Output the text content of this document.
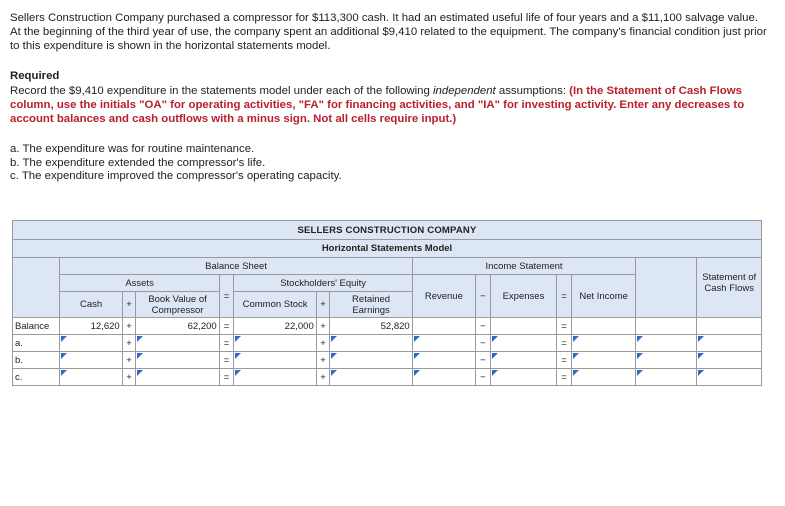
Sellers Construction Company purchased a compressor for $113,300 cash. It had an estimated useful life of four years and a $11,100 salvage value. At the beginning of the third year of use, the company spent an additional $9,410 related to the equipment. The company's financial condition just prior to this expenditure is shown in the horizontal statements model.
Required
Record the $9,410 expenditure in the statements model under each of the following independent assumptions: (In the Statement of Cash Flows column, use the initials "OA" for operating activities, "FA" for financing activities, and "IA" for investing activity. Enter any decreases to account balances and cash outflows with a minus sign. Not all cells require input.)
a. The expenditure was for routine maintenance.
b. The expenditure extended the compressor's life.
c. The expenditure improved the compressor's operating capacity.
SELLERS CONSTRUCTION COMPANY														
Horizontal Statements Model														
	Balance Sheet							Income Statement						Statement of Cash Flows
	Assets			=	Stockholders' Equity			Revenue	−	Expenses	=	Net Income		
	Cash	+	Book Value of Compressor		Common Stock	+	Retained Earnings							
Balance	12,620	+	62,200	=	22,000	+	52,820		−		=			
a.		+		=		+			−		=	

b.		+		=		+			−		=	

c.		+		=		+			−		=	
